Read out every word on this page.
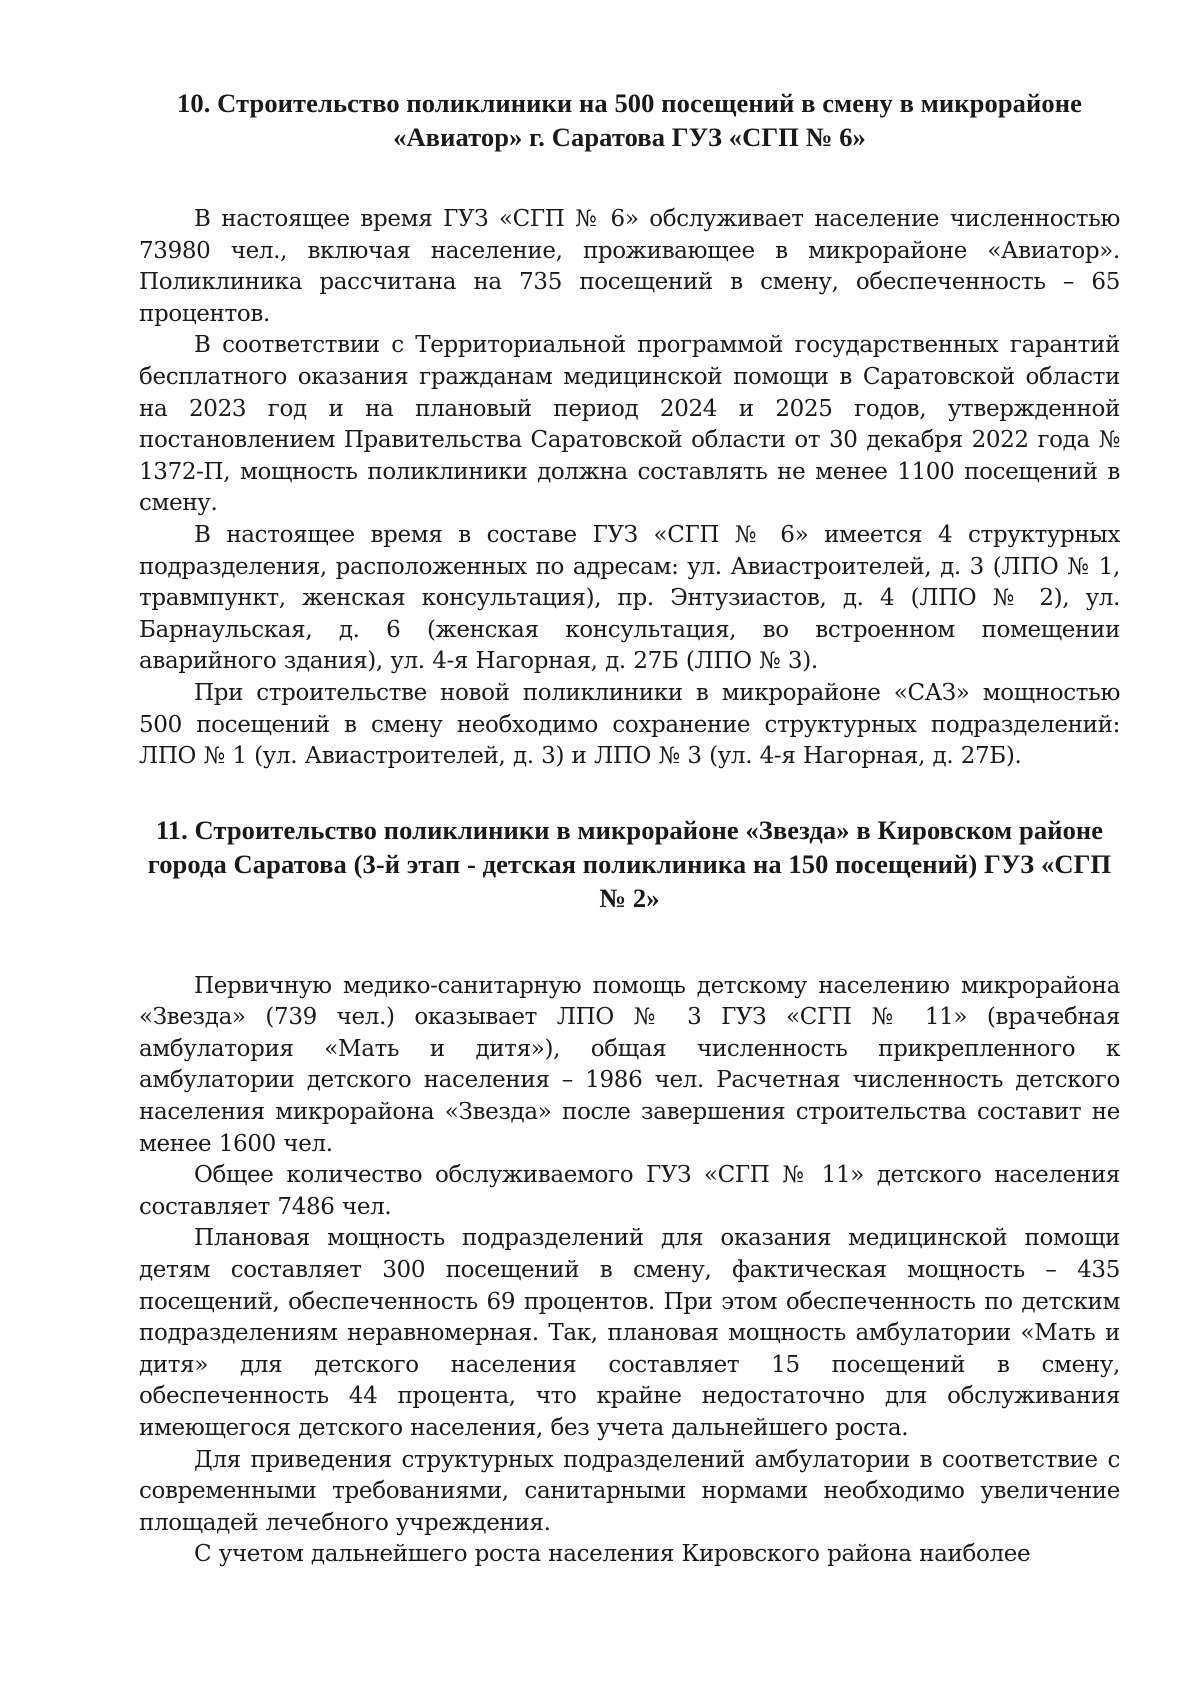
10. Строительство поликлиники на 500 посещений в смену в микрорайоне «Авиатор» г. Саратова ГУЗ «СГП № 6»

В настоящее время ГУЗ «СГП № 6» обслуживает население численностью 73980 чел., включая население, проживающее в микрорайоне «Авиатор». Поликлиника рассчитана на 735 посещений в смену, обеспеченность – 65 процентов.

В соответствии с Территориальной программой государственных гарантий бесплатного оказания гражданам медицинской помощи в Саратовской области на 2023 год и на плановый период 2024 и 2025 годов, утвержденной постановлением Правительства Саратовской области от 30 декабря 2022 года № 1372-П, мощность поликлиники должна составлять не менее 1100 посещений в смену.

В настоящее время в составе ГУЗ «СГП № 6» имеется 4 структурных подразделения, расположенных по адресам: ул. Авиастроителей, д. 3 (ЛПО № 1, травмпункт, женская консультация), пр. Энтузиастов, д. 4 (ЛПО № 2), ул. Барнаульская, д. 6 (женская консультация, во встроенном помещении аварийного здания), ул. 4-я Нагорная, д. 27Б (ЛПО № 3).

При строительстве новой поликлиники в микрорайоне «САЗ» мощностью 500 посещений в смену необходимо сохранение структурных подразделений: ЛПО № 1 (ул. Авиастроителей, д. 3) и ЛПО № 3 (ул. 4-я Нагорная, д. 27Б).

11. Строительство поликлиники в микрорайоне «Звезда» в Кировском районе города Саратова (3-й этап - детская поликлиника на 150 посещений) ГУЗ «СГП № 2»

Первичную медико-санитарную помощь детскому населению микрорайона «Звезда» (739 чел.) оказывает ЛПО № 3 ГУЗ «СГП № 11» (врачебная амбулатория «Мать и дитя»), общая численность прикрепленного к амбулатории детского населения – 1986 чел. Расчетная численность детского населения микрорайона «Звезда» после завершения строительства составит не менее 1600 чел.

Общее количество обслуживаемого ГУЗ «СГП № 11» детского населения составляет 7486 чел.

Плановая мощность подразделений для оказания медицинской помощи детям составляет 300 посещений в смену, фактическая мощность – 435 посещений, обеспеченность 69 процентов. При этом обеспеченность по детским подразделениям неравномерная. Так, плановая мощность амбулатории «Мать и дитя» для детского населения составляет 15 посещений в смену, обеспеченность 44 процента, что крайне недостаточно для обслуживания имеющегося детского населения, без учета дальнейшего роста.

Для приведения структурных подразделений амбулатории в соответствие с современными требованиями, санитарными нормами необходимо увеличение площадей лечебного учреждения.

С учетом дальнейшего роста населения Кировского района наиболее
